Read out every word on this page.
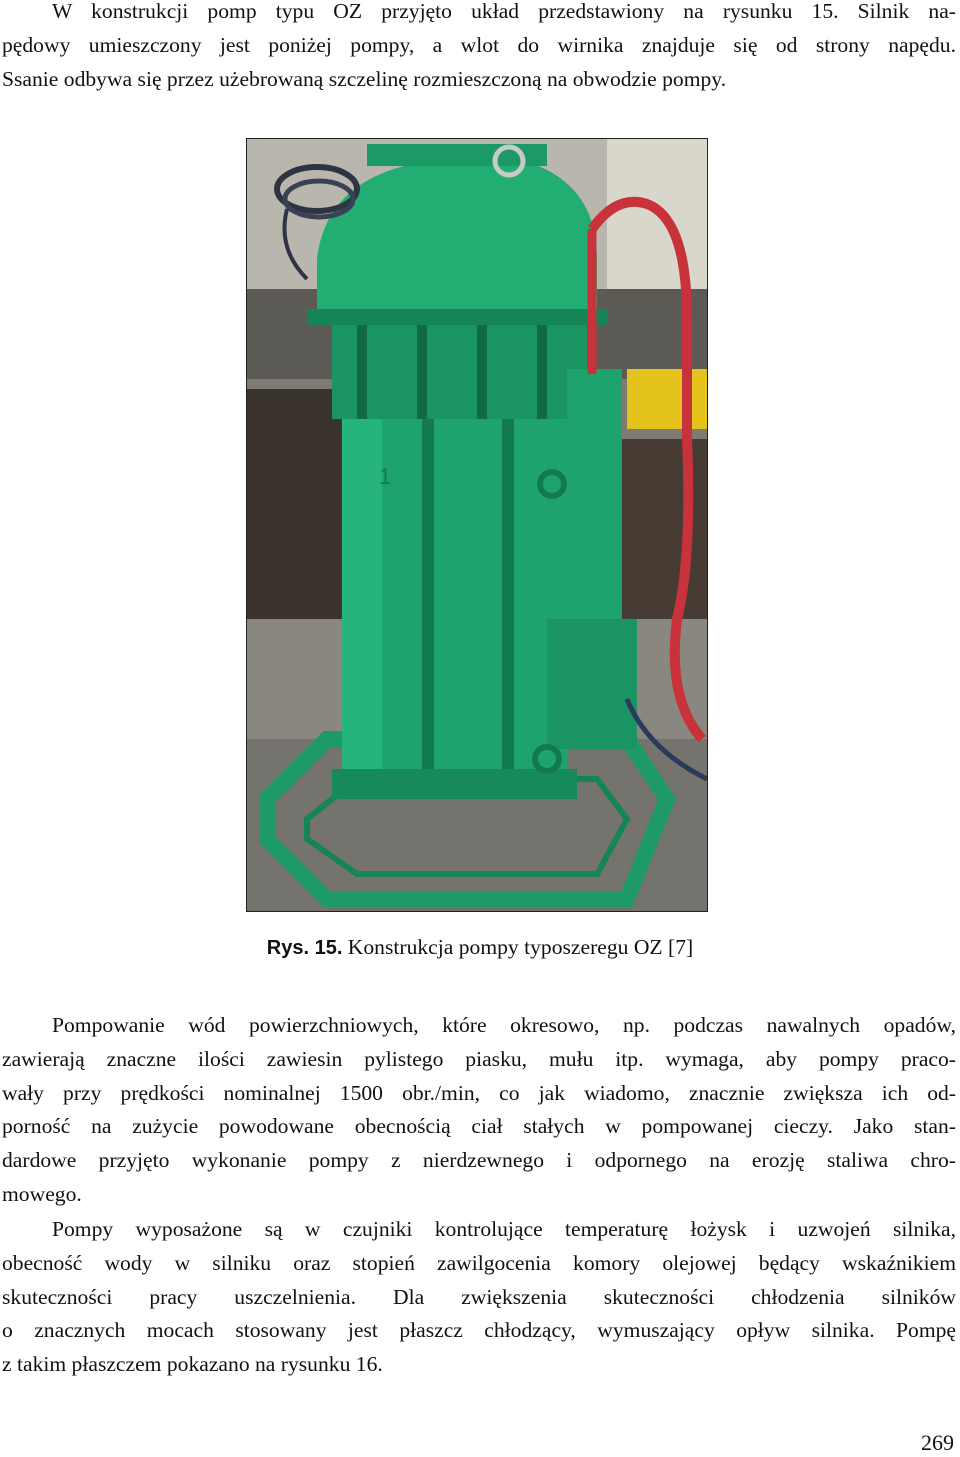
W konstrukcji pomp typu OZ przyjęto układ przedstawiony na rysunku 15. Silnik na-
pędowy umieszczony jest poniżej pompy, a wlot do wirnika znajduje się od strony napędu.
Ssanie odbywa się przez użebrowaną szczelinę rozmieszczoną na obwodzie pompy.

1
Rys. 15. Konstrukcja pompy typoszeregu OZ [7]

Pompowanie wód powierzchniowych, które okresowo, np. podczas nawalnych opadów,
zawierają znaczne ilości zawiesin pylistego piasku, mułu itp. wymaga, aby pompy praco-
wały przy prędkości nominalnej 1500 obr./min, co jak wiadomo, znacznie zwiększa ich od-
porność na zużycie powodowane obecnością ciał stałych w pompowanej cieczy. Jako stan-
dardowe przyjęto wykonanie pompy z nierdzewnego i odpornego na erozję staliwa chro-
mowego.

Pompy wyposażone są w czujniki kontrolujące temperaturę łożysk i uzwojeń silnika,
obecność wody w silniku oraz stopień zawilgocenia komory olejowej będący wskaźnikiem
skuteczności pracy uszczelnienia. Dla zwiększenia skuteczności chłodzenia silników
o znacznych mocach stosowany jest płaszcz chłodzący, wymuszający opływ silnika. Pompę
z takim płaszczem pokazano na rysunku 16.

269
